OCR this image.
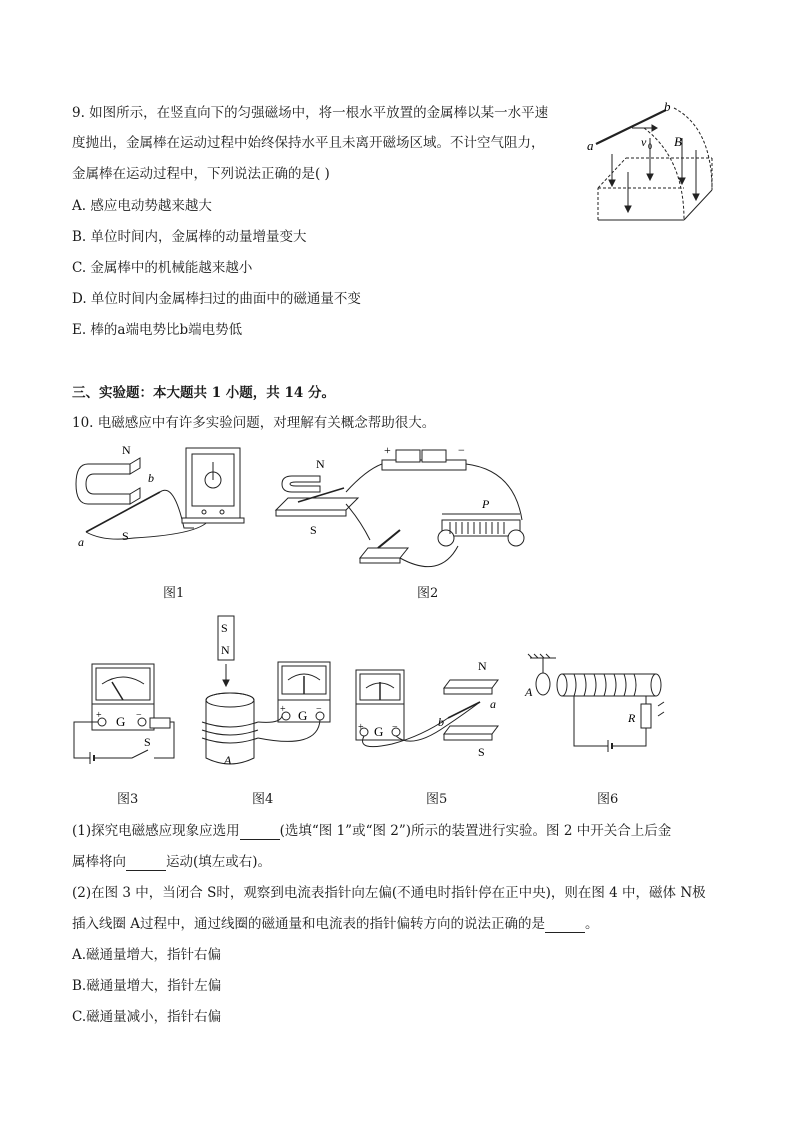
9. 如图所示，在竖直向下的匀强磁场中，将一根水平放置的金属棒以某一水平速
度抛出，金属棒在运动过程中始终保持水平且未离开磁场区域。不计空气阻力，
金属棒在运动过程中，下列说法正确的是( )
A. 感应电动势越来越大
B. 单位时间内，金属棒的动量增量变大
C. 金属棒中的机械能越来越小
D. 单位时间内金属棒扫过的曲面中的磁通量不变
E. 棒的a端电势比b端电势低
a
b
v 0 B
三、实验题：本大题共 1 小题，共 14 分。
10. 电磁感应中有许多实验问题，对理解有关概念帮助很大。
N
b
a	S
图1
N
S
+	−
P
图2
+ G −
S
图3
S
N
A
+ G −
图4
+ G −
N
a
b
S
图5
A
R
图6
(1)探究电磁感应现象应选用	(选填“图 1”或“图 2”)所示的装置进行实验。图 2 中开关合上后金
属棒将向	运动(填左或右)。
(2)在图 3 中，当闭合 S时，观察到电流表指针向左偏(不通电时指针停在正中央)，则在图 4 中，磁体 N极
插入线圈 A过程中，通过线圈的磁通量和电流表的指针偏转方向的说法正确的是	。
A.磁通量增大，指针右偏
B.磁通量增大，指针左偏
C.磁通量减小，指针右偏
